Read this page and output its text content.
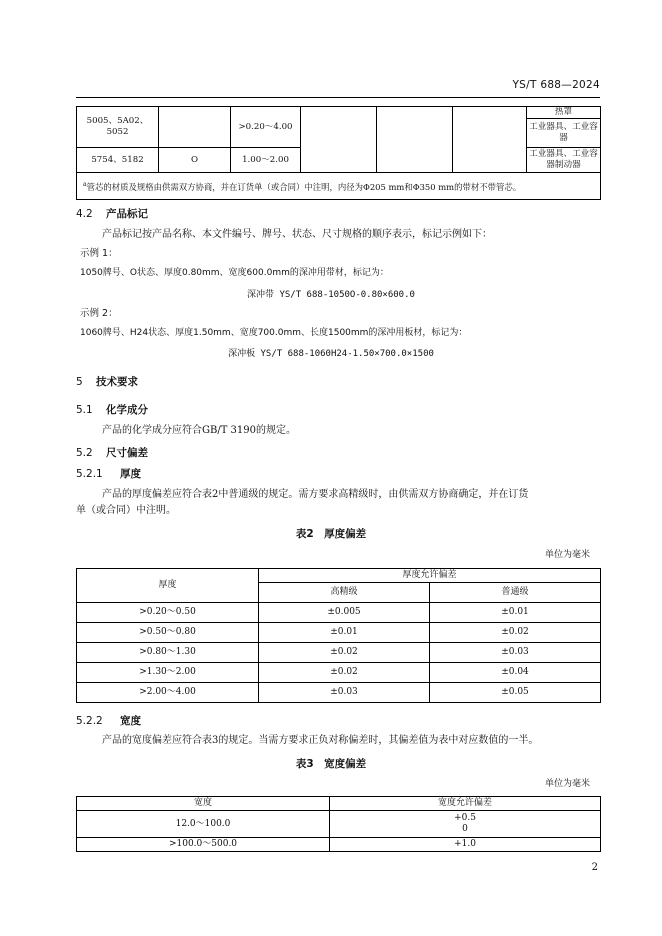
YS/T 688—2024
5005、5A02、5052		>0.20～4.00				热罩
						工业器具、工业容器
5754、5182	O	1.00～2.00				工业器具、工业容器制动器
$^a$管芯的材质及规格由供需双方协商，并在订货单（或合同）中注明，内径为Φ205 mm和Φ350 mm的带材不带管芯。						
4.2 产品标记
产品标记按产品名称、本文件编号、牌号、状态、尺寸规格的顺序表示，标记示例如下：
示例 1：
1050牌号、O状态、厚度0.80mm、宽度600.0mm的深冲用带材，标记为：
深冲带 YS/T 688-1050O-0.80×600.0
示例 2：
1060牌号、H24状态、厚度1.50mm、宽度700.0mm、长度1500mm的深冲用板材，标记为：
深冲板 YS/T 688-1060H24-1.50×700.0×1500
5 技术要求
5.1 化学成分
产品的化学成分应符合GB/T 3190的规定。
5.2 尺寸偏差
5.2.1 厚度
产品的厚度偏差应符合表2中普通级的规定。需方要求高精级时，由供需双方协商确定，并在订货
单（或合同）中注明。
表2　厚度偏差
单位为毫米
厚度	厚度允许偏差	
	高精级	普通级
>0.20～0.50	±0.005	±0.01
>0.50～0.80	±0.01	±0.02
>0.80～1.30	±0.02	±0.03
>1.30～2.00	±0.02	±0.04
>2.00～4.00	±0.03	±0.05
5.2.2 宽度
产品的宽度偏差应符合表3的规定。当需方要求正负对称偏差时，其偏差值为表中对应数值的一半。
表3　宽度偏差
单位为毫米
宽度	宽度允许偏差
12.0～100.0	+0.5
0

>100.0～500.0	+1.0
2
